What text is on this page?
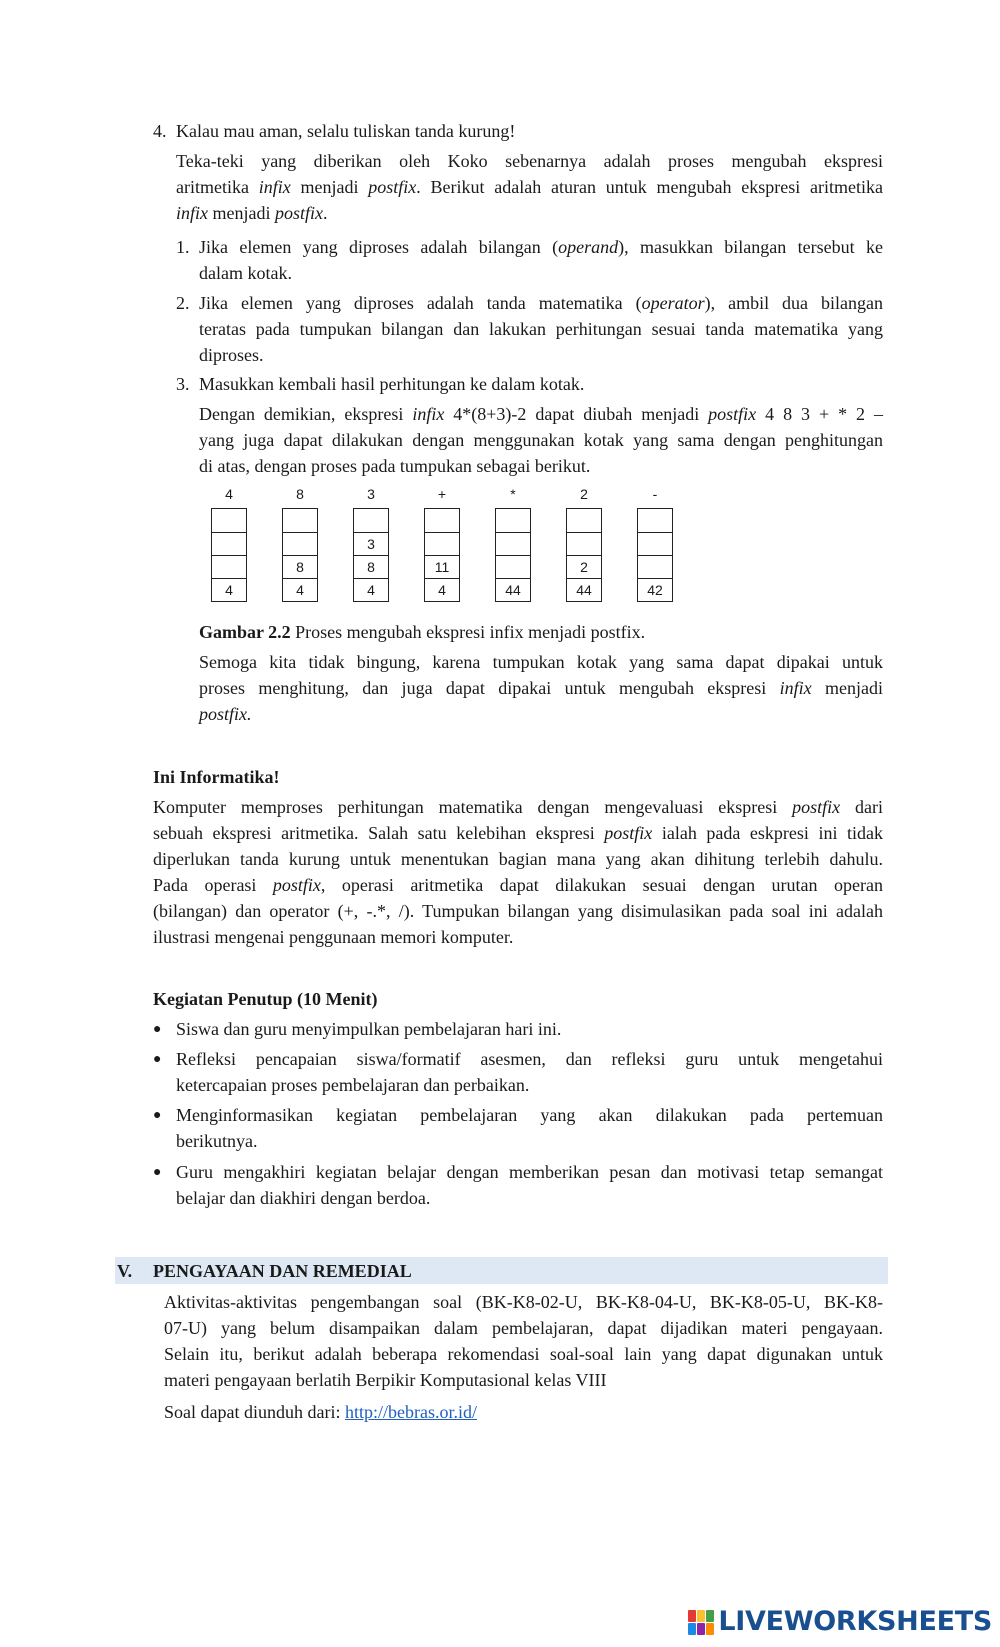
4. Kalau mau aman, selalu tuliskan tanda kurung!
Teka-teki yang diberikan oleh Koko sebenarnya adalah proses mengubah ekspresi
aritmetika infix menjadi postfix. Berikut adalah aturan untuk mengubah ekspresi aritmetika
infix menjadi postfix.
1. Jika elemen yang diproses adalah bilangan (operand), masukkan bilangan tersebut ke
dalam kotak.
2. Jika elemen yang diproses adalah tanda matematika (operator), ambil dua bilangan
teratas pada tumpukan bilangan dan lakukan perhitungan sesuai tanda matematika yang
diproses.
3. Masukkan kembali hasil perhitungan ke dalam kotak.
Dengan demikian, ekspresi infix 4*(8+3)-2 dapat diubah menjadi postfix 4 8 3 + * 2 –
yang juga dapat dilakukan dengan menggunakan kotak yang sama dengan penghitungan
di atas, dengan proses pada tumpukan sebagai berikut.
4
4
8
8
4
3
3
8
4
+
11
4
*
44
2
2
44
-
42
Gambar 2.2 Proses mengubah ekspresi infix menjadi postfix.
Semoga kita tidak bingung, karena tumpukan kotak yang sama dapat dipakai untuk
proses menghitung, dan juga dapat dipakai untuk mengubah ekspresi infix menjadi
postfix.
Ini Informatika!
Komputer memproses perhitungan matematika dengan mengevaluasi ekspresi postfix dari
sebuah ekspresi aritmetika. Salah satu kelebihan ekspresi postfix ialah pada eskpresi ini tidak
diperlukan tanda kurung untuk menentukan bagian mana yang akan dihitung terlebih dahulu.
Pada operasi postfix, operasi aritmetika dapat dilakukan sesuai dengan urutan operan
(bilangan) dan operator (+, -.*, /). Tumpukan bilangan yang disimulasikan pada soal ini adalah
ilustrasi mengenai penggunaan memori komputer.
Kegiatan Penutup (10 Menit)
● Siswa dan guru menyimpulkan pembelajaran hari ini.
● Refleksi pencapaian siswa/formatif asesmen, dan refleksi guru untuk mengetahui
ketercapaian proses pembelajaran dan perbaikan.
● Menginformasikan kegiatan pembelajaran yang akan dilakukan pada pertemuan
berikutnya.
● Guru mengakhiri kegiatan belajar dengan memberikan pesan dan motivasi tetap semangat
belajar dan diakhiri dengan berdoa.
V. PENGAYAAN DAN REMEDIAL
Aktivitas-aktivitas pengembangan soal (BK-K8-02-U, BK-K8-04-U, BK-K8-05-U, BK-K8-
07-U) yang belum disampaikan dalam pembelajaran, dapat dijadikan materi pengayaan.
Selain itu, berikut adalah beberapa rekomendasi soal-soal lain yang dapat digunakan untuk
materi pengayaan berlatih Berpikir Komputasional kelas VIII
Soal dapat diunduh dari: http://bebras.or.id/
LIVEWORKSHEETS
